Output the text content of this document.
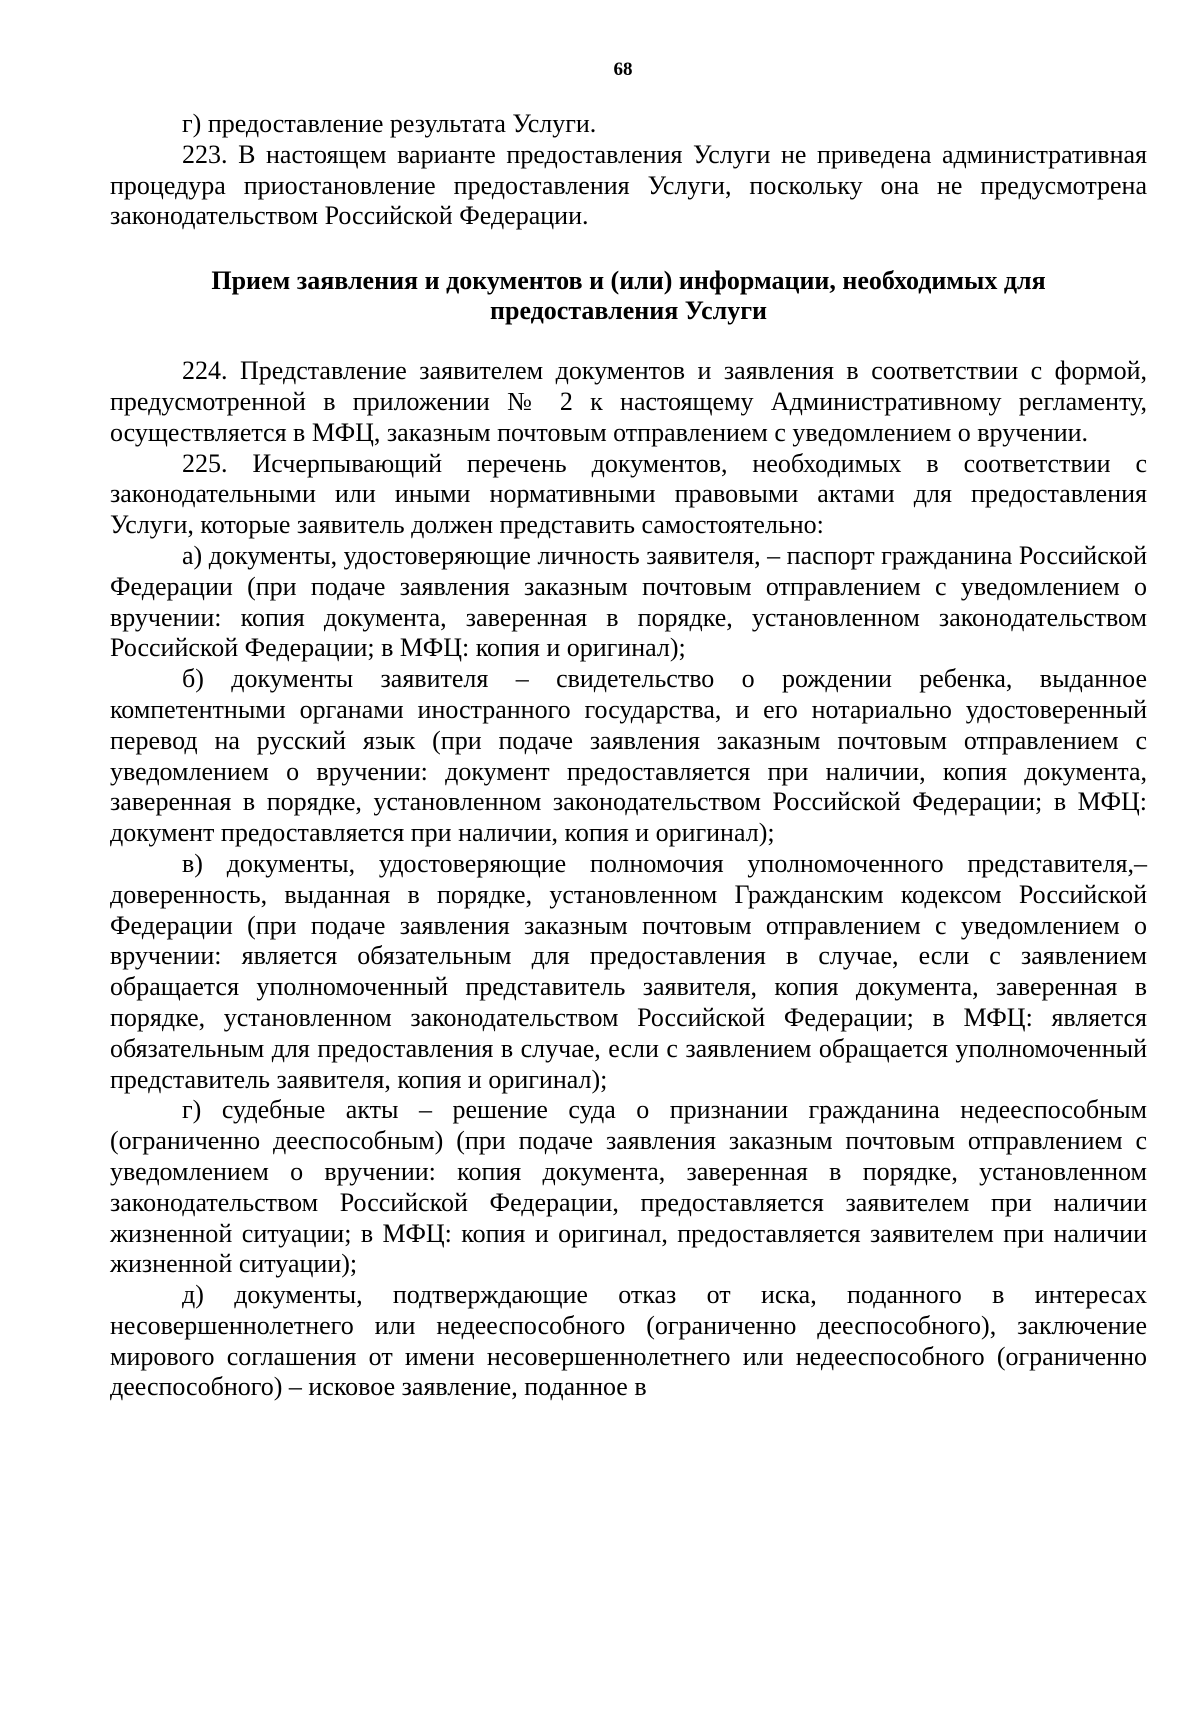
68

г) предоставление результата Услуги.

223. В настоящем варианте предоставления Услуги не приведена административная процедура приостановление предоставления Услуги, поскольку она не предусмотрена законодательством Российской Федерации.

Прием заявления и документов и (или) информации, необходимых для
предоставления Услуги

224. Представление заявителем документов и заявления в соответствии с формой, предусмотренной в приложении № 2 к настоящему Административному регламенту, осуществляется в МФЦ, заказным почтовым отправлением с уведомлением о вручении.

225. Исчерпывающий перечень документов, необходимых в соответствии с законодательными или иными нормативными правовыми актами для предоставления Услуги, которые заявитель должен представить самостоятельно:

а) документы, удостоверяющие личность заявителя, – паспорт гражданина Российской Федерации (при подаче заявления заказным почтовым отправлением с уведомлением о вручении: копия документа, заверенная в порядке, установленном законодательством Российской Федерации; в МФЦ: копия и оригинал);

б) документы заявителя – свидетельство о рождении ребенка, выданное компетентными органами иностранного государства, и его нотариально удостоверенный перевод на русский язык (при подаче заявления заказным почтовым отправлением с уведомлением о вручении: документ предоставляется при наличии, копия документа, заверенная в порядке, установленном законодательством Российской Федерации; в МФЦ: документ предоставляется при наличии, копия и оригинал);

в) документы, удостоверяющие полномочия уполномоченного представителя,– доверенность, выданная в порядке, установленном Гражданским кодексом Российской Федерации (при подаче заявления заказным почтовым отправлением с уведомлением о вручении: является обязательным для предоставления в случае, если с заявлением обращается уполномоченный представитель заявителя, копия документа, заверенная в порядке, установленном законодательством Российской Федерации; в МФЦ: является обязательным для предоставления в случае, если с заявлением обращается уполномоченный представитель заявителя, копия и оригинал);

г) судебные акты – решение суда о признании гражданина недееспособным (ограниченно дееспособным) (при подаче заявления заказным почтовым отправлением с уведомлением о вручении: копия документа, заверенная в порядке, установленном законодательством Российской Федерации, предоставляется заявителем при наличии жизненной ситуации; в МФЦ: копия и оригинал, предоставляется заявителем при наличии жизненной ситуации);

д) документы, подтверждающие отказ от иска, поданного в интересах несовершеннолетнего или недееспособного (ограниченно дееспособного), заключение мирового соглашения от имени несовершеннолетнего или недееспособного (ограниченно дееспособного) – исковое заявление, поданное в
